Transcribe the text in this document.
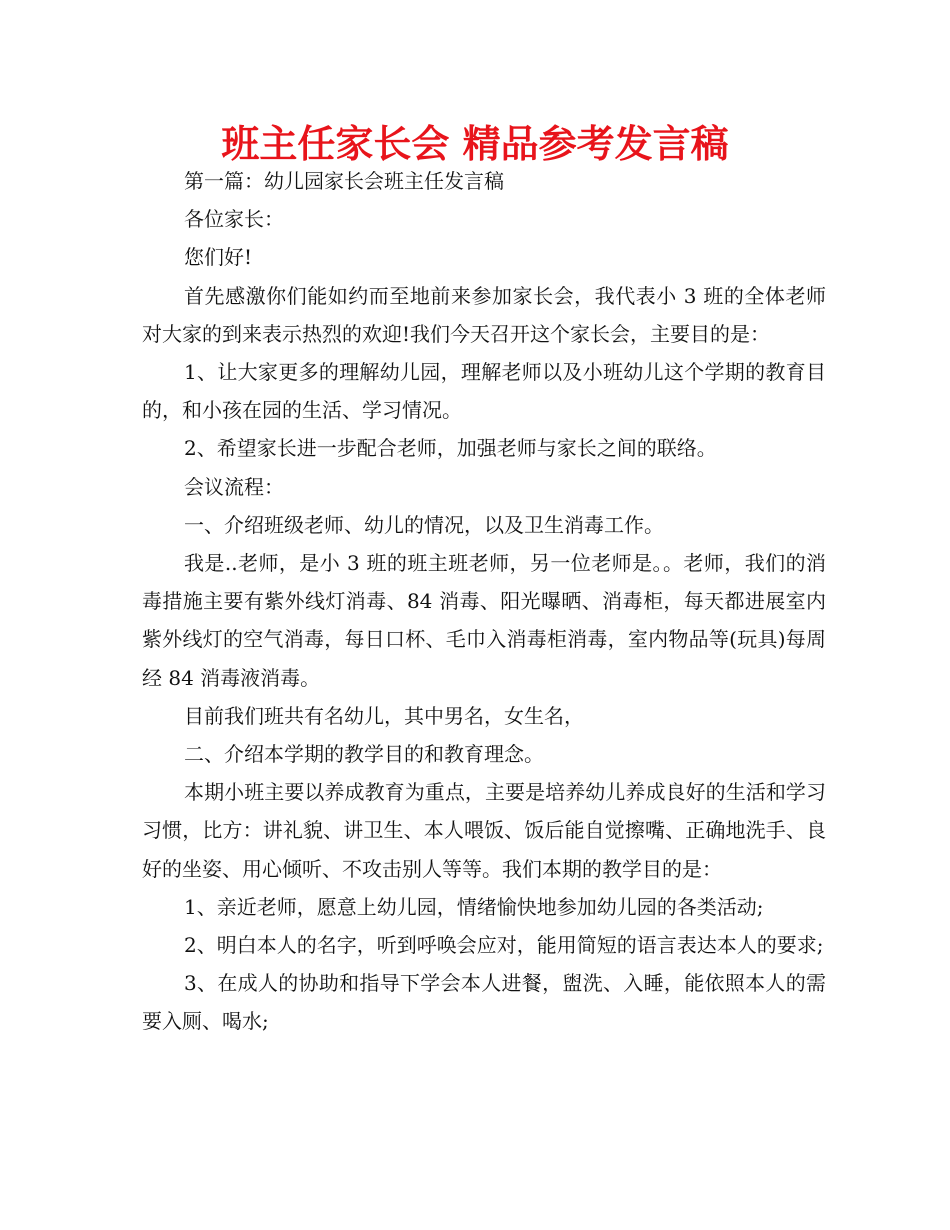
班主任家长会 精品参考发言稿

第一篇：幼儿园家长会班主任发言稿

各位家长：

您们好!

首先感激你们能如约而至地前来参加家长会，我代表小 3 班的全体老师对大家的到来表示热烈的欢迎!我们今天召开这个家长会，主要目的是：

1、让大家更多的理解幼儿园，理解老师以及小班幼儿这个学期的教育目的，和小孩在园的生活、学习情况。

2、希望家长进一步配合老师，加强老师与家长之间的联络。

会议流程：

一、介绍班级老师、幼儿的情况，以及卫生消毒工作。

我是..老师，是小 3 班的班主班老师，另一位老师是。。老师，我们的消毒措施主要有紫外线灯消毒、84 消毒、阳光曝晒、消毒柜，每天都进展室内紫外线灯的空气消毒，每日口杯、毛巾入消毒柜消毒，室内物品等(玩具)每周经 84 消毒液消毒。

目前我们班共有名幼儿，其中男名，女生名，

二、介绍本学期的教学目的和教育理念。

本期小班主要以养成教育为重点，主要是培养幼儿养成良好的生活和学习习惯，比方：讲礼貌、讲卫生、本人喂饭、饭后能自觉擦嘴、正确地洗手、良好的坐姿、用心倾听、不攻击别人等等。我们本期的教学目的是：

1、亲近老师，愿意上幼儿园，情绪愉快地参加幼儿园的各类活动;

2、明白本人的名字，听到呼唤会应对，能用简短的语言表达本人的要求;

3、在成人的协助和指导下学会本人进餐，盥洗、入睡，能依照本人的需要入厕、喝水;
